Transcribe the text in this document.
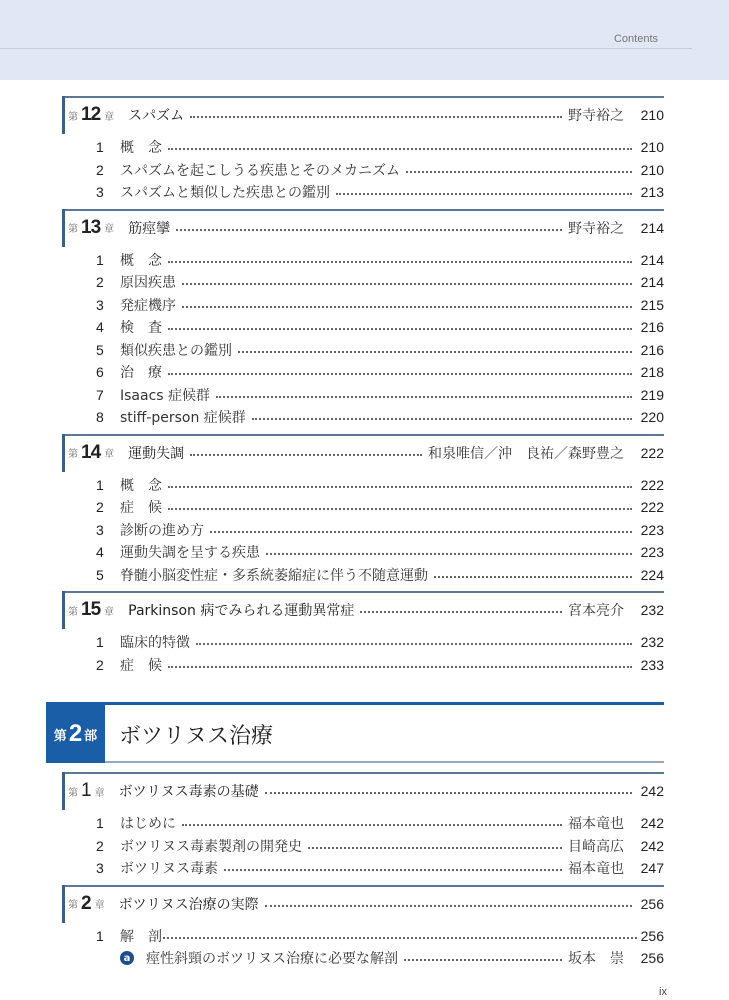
Contents
第 12 章 スパズム	野寺裕之 210
1	概　念	210
2	スパズムを起こしうる疾患とそのメカニズム	210
3	スパズムと類似した疾患との鑑別	213
第 13 章 筋痙攣	野寺裕之 214
1	概　念	214
2	原因疾患	214
3	発症機序	215
4	検　査	216
5	類似疾患との鑑別	216
6	治　療	218
7	Isaacs 症候群	219
8	stiff-person 症候群	220
第 14 章 運動失調	和泉唯信／沖　良祐／森野豊之 222
1	概　念	222
2	症　候	222
3	診断の進め方	223
4	運動失調を呈する疾患	223
5	脊髄小脳変性症・多系統萎縮症に伴う不随意運動	224
第 15 章 Parkinson 病でみられる運動異常症	宮本亮介 232
1	臨床的特徴	232
2	症　候	233
第 2 部 ボツリヌス治療
第 1 章 ボツリヌス毒素の基礎	242
1	はじめに	福本竜也 242
2	ボツリヌス毒素製剤の開発史	目崎高広 242
3	ボツリヌス毒素	福本竜也 247
第 2 章 ボツリヌス治療の実際	256
1	解　剖	256
a 痙性斜頸のボツリヌス治療に必要な解剖	坂本　崇 256
ix
